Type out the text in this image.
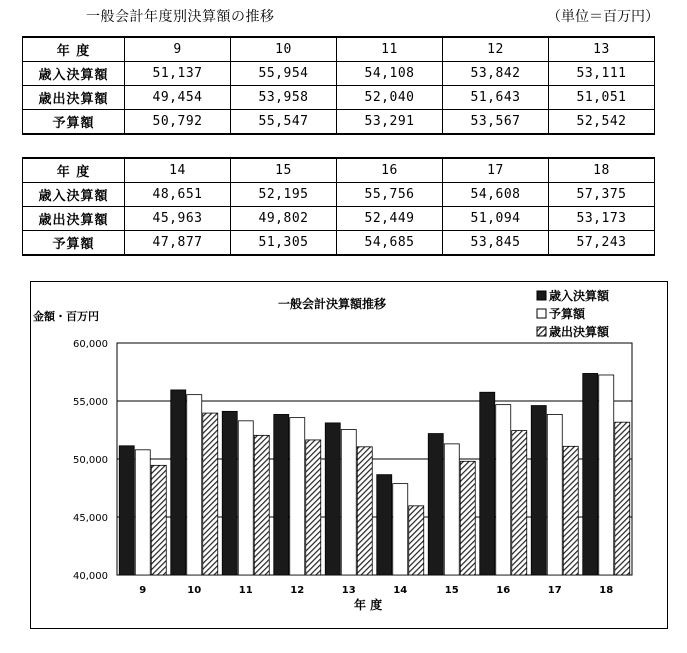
一般会計年度別決算額の推移	（単位＝百万円）
年 度	9	10	11	12	13
歳入決算額	51,137	55,954	54,108	53,842	53,111
歳出決算額	49,454	53,958	52,040	51,643	51,051
予算額	50,792	55,547	53,291	53,567	52,542
年 度	14	15	16	17	18
歳入決算額	48,651	52,195	55,756	54,608	57,375
歳出決算額	45,963	49,802	52,449	51,094	53,173
予算額	47,877	51,305	54,685	53,845	57,243
40,000
45,000
50,000
55,000
60,000
9	10	11	12	13	14	15	16	17	18
一般会計決算額推移
金額・百万円
年 度
歳入決算額
予算額
歳出決算額
